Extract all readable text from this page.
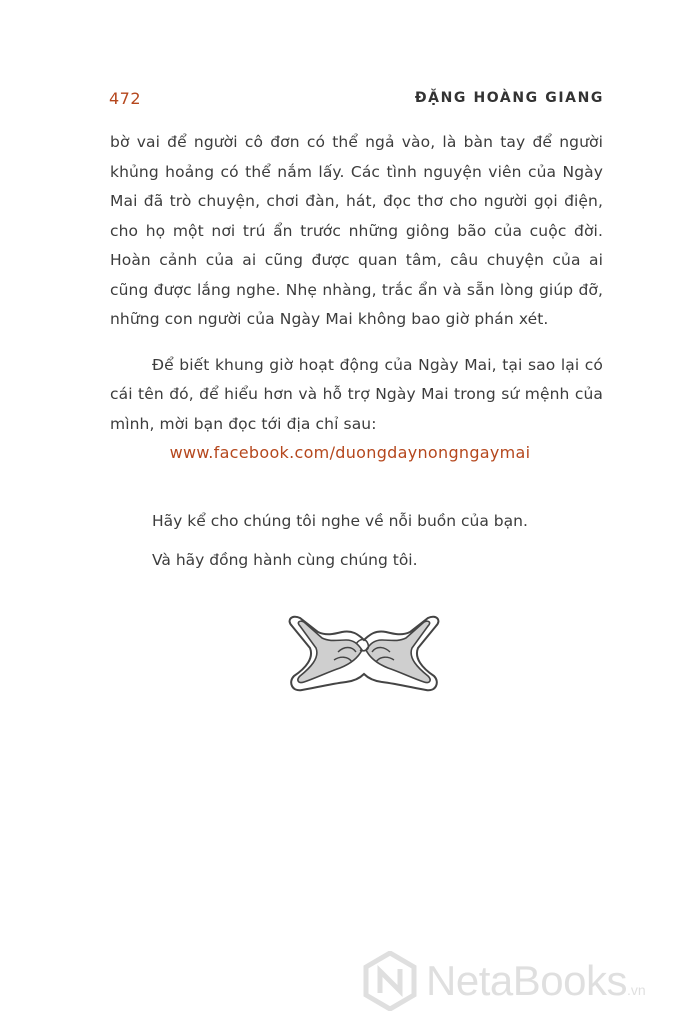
472	ĐẶNG HOÀNG GIANG

bờ vai để người cô đơn có thể ngả vào, là bàn tay để người khủng hoảng có thể nắm lấy. Các tình nguyện viên của Ngày Mai đã trò chuyện, chơi đàn, hát, đọc thơ cho người gọi điện, cho họ một nơi trú ẩn trước những giông bão của cuộc đời. Hoàn cảnh của ai cũng được quan tâm, câu chuyện của ai cũng được lắng nghe. Nhẹ nhàng, trắc ẩn và sẵn lòng giúp đỡ, những con người của Ngày Mai không bao giờ phán xét.

Để biết khung giờ hoạt động của Ngày Mai, tại sao lại có cái tên đó, để hiểu hơn và hỗ trợ Ngày Mai trong sứ mệnh của mình, mời bạn đọc tới địa chỉ sau:

www.facebook.com/duongdaynongngaymai
Hãy kể cho chúng tôi nghe về nỗi buồn của bạn.
Và hãy đồng hành cùng chúng tôi.
NetaBooks.vn
